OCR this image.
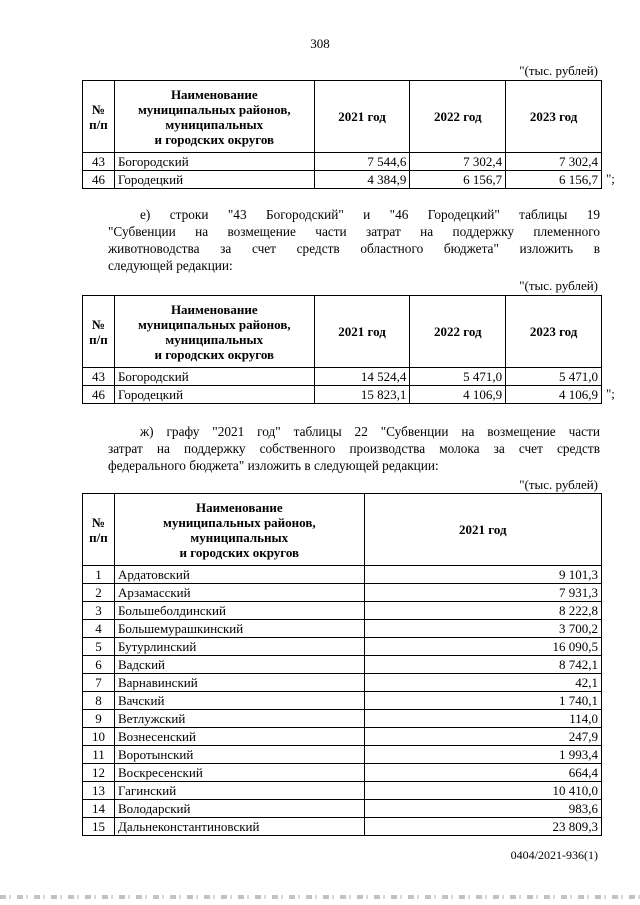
308
"(тыс. рублей)
№
п/п	Наименование
муниципальных районов,
муниципальных
и городских округов	2021 год	2022 год	2023 год
43	Богородский	7 544,6	7 302,4	7 302,4
46	Городецкий	4 384,9	6 156,7	6 156,7 ";
е) строки "43 Богородский" и "46 Городецкий" таблицы 19
"Субвенции на возмещение части затрат на поддержку племенного
животноводства за счет средств областного бюджета" изложить в
следующей редакции:
"(тыс. рублей)
№
п/п	Наименование
муниципальных районов,
муниципальных
и городских округов	2021 год	2022 год	2023 год
43	Богородский	14 524,4	5 471,0	5 471,0
46	Городецкий	15 823,1	4 106,9	4 106,9 ";
ж) графу "2021 год" таблицы 22 "Субвенции на возмещение части
затрат на поддержку собственного производства молока за счет средств
федерального бюджета" изложить в следующей редакции:
"(тыс. рублей)
№
п/п	Наименование
муниципальных районов,
муниципальных
и городских округов	2021 год
1	Ардатовский	9 101,3
2	Арзамасский	7 931,3
3	Большеболдинский	8 222,8
4	Большемурашкинский	3 700,2
5	Бутурлинский	16 090,5
6	Вадский	8 742,1
7	Варнавинский	42,1
8	Вачский	1 740,1
9	Ветлужский	114,0
10	Вознесенский	247,9
11	Воротынский	1 993,4
12	Воскресенский	664,4
13	Гагинский	10 410,0
14	Володарский	983,6
15	Дальнеконстантиновский	23 809,3
0404/2021-936(1)
